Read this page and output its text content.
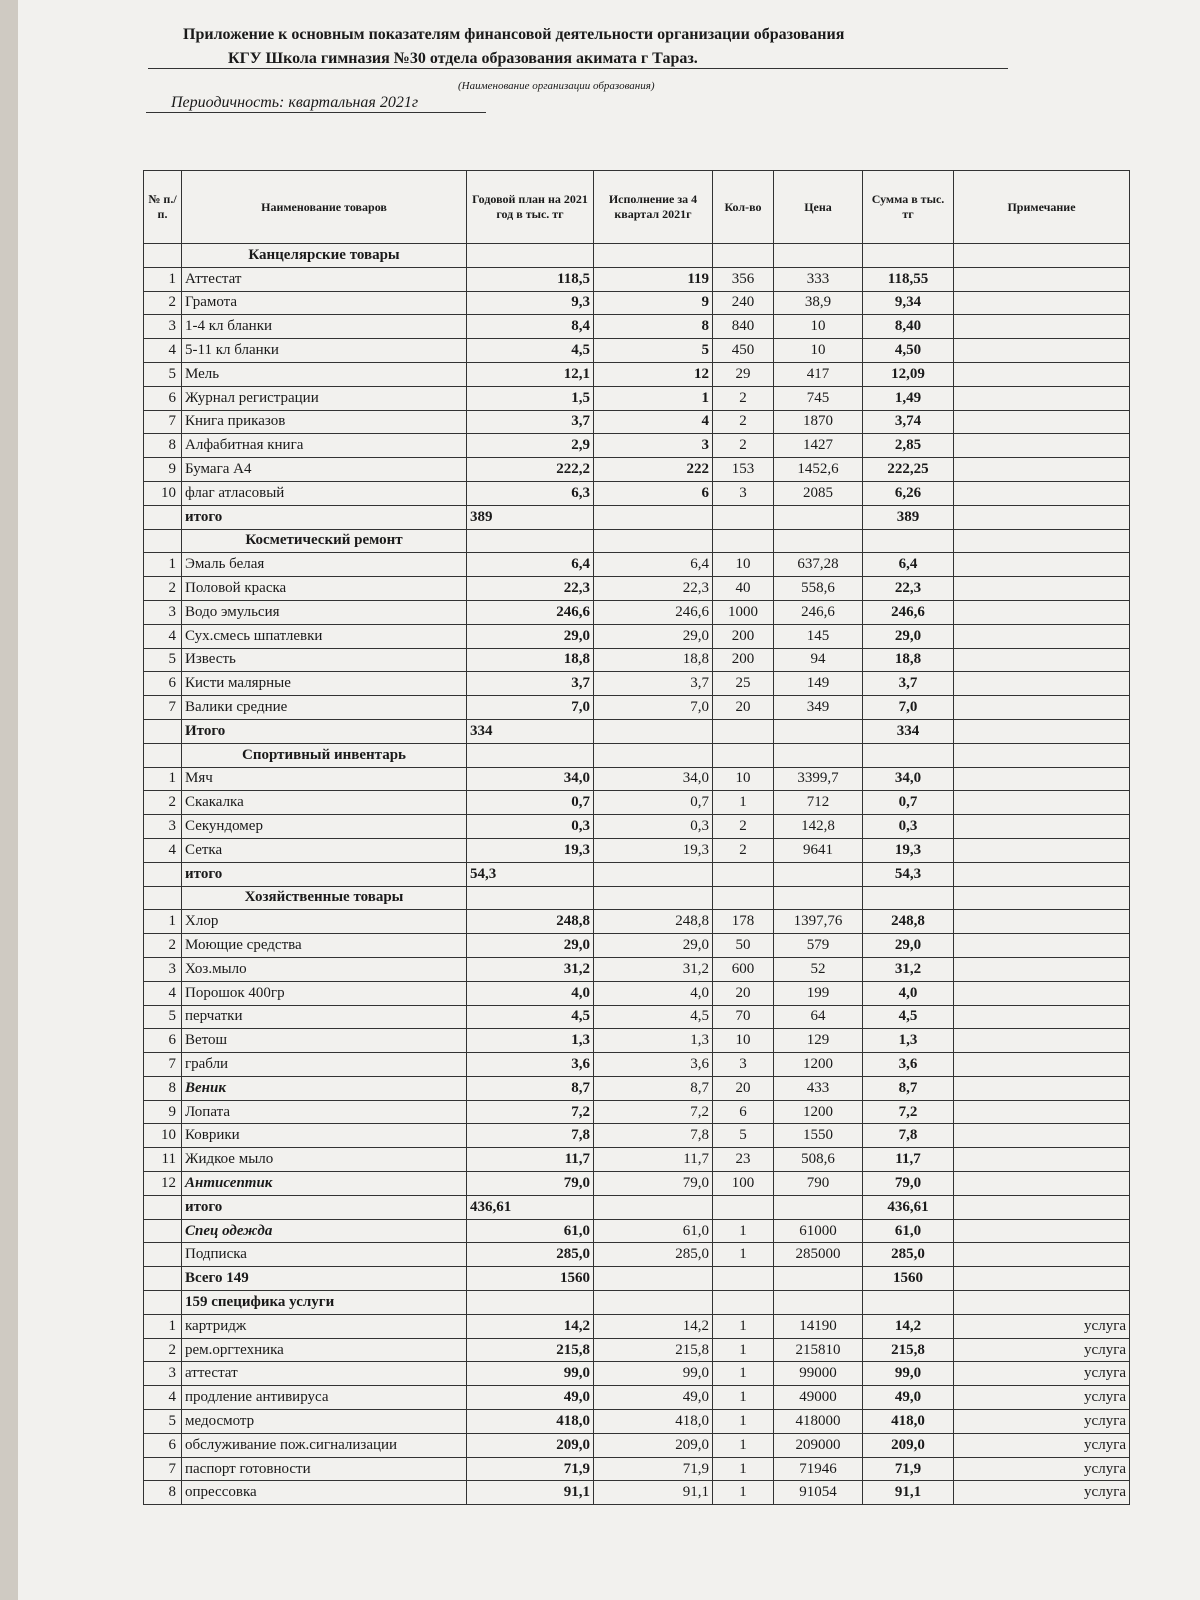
Приложение к основным показателям финансовой деятельности организации образования
КГУ Школа гимназия №30 отдела образования акимата г Тараз.
(Наименование организации образования)
Периодичность: квартальная 2021г
№ п./п.	Наименование товаров	Годовой план на 2021 год в тыс. тг	Исполнение за 4 квартал 2021г	Кол-во	Цена	Сумма в тыс. тг	Примечание
	Канцелярские товары						
1	Аттестат	118,5	119	356	333	118,55	
2	Грамота	9,3	9	240	38,9	9,34	
3	1-4 кл бланки	8,4	8	840	10	8,40	
4	5-11 кл бланки	4,5	5	450	10	4,50	
5	Мель	12,1	12	29	417	12,09	
6	Журнал регистрации	1,5	1	2	745	1,49	
7	Книга приказов	3,7	4	2	1870	3,74	
8	Алфабитная книга	2,9	3	2	1427	2,85	
9	Бумага А4	222,2	222	153	1452,6	222,25	
10	флаг атласовый	6,3	6	3	2085	6,26	
	итого	389				389	
	Косметический ремонт						
1	Эмаль белая	6,4	6,4	10	637,28	6,4	
2	Половой краска	22,3	22,3	40	558,6	22,3	
3	Водо эмульсия	246,6	246,6	1000	246,6	246,6	
4	Сух.смесь шпатлевки	29,0	29,0	200	145	29,0	
5	Известь	18,8	18,8	200	94	18,8	
6	Кисти малярные	3,7	3,7	25	149	3,7	
7	Валики средние	7,0	7,0	20	349	7,0	
	Итого	334				334	
	Спортивный инвентарь						
1	Мяч	34,0	34,0	10	3399,7	34,0	
2	Скакалка	0,7	0,7	1	712	0,7	
3	Секундомер	0,3	0,3	2	142,8	0,3	
4	Сетка	19,3	19,3	2	9641	19,3	
	итого	54,3				54,3	
	Хозяйственные товары						
1	Хлор	248,8	248,8	178	1397,76	248,8	
2	Моющие средства	29,0	29,0	50	579	29,0	
3	Хоз.мыло	31,2	31,2	600	52	31,2	
4	Порошок 400гр	4,0	4,0	20	199	4,0	
5	перчатки	4,5	4,5	70	64	4,5	
6	Ветош	1,3	1,3	10	129	1,3	
7	грабли	3,6	3,6	3	1200	3,6	
8	Веник	8,7	8,7	20	433	8,7	
9	Лопата	7,2	7,2	6	1200	7,2	
10	Коврики	7,8	7,8	5	1550	7,8	
11	Жидкое мыло	11,7	11,7	23	508,6	11,7	
12	Антисептик	79,0	79,0	100	790	79,0	
	итого	436,61				436,61	
	Спец одежда	61,0	61,0	1	61000	61,0	
	Подписка	285,0	285,0	1	285000	285,0	
	Всего 149	1560				1560	
	159 специфика услуги						
1	картридж	14,2	14,2	1	14190	14,2	услуга
2	рем.оргтехника	215,8	215,8	1	215810	215,8	услуга
3	аттестат	99,0	99,0	1	99000	99,0	услуга
4	продление антивируса	49,0	49,0	1	49000	49,0	услуга
5	медосмотр	418,0	418,0	1	418000	418,0	услуга
6	обслуживание пож.сигнализации	209,0	209,0	1	209000	209,0	услуга
7	паспорт готовности	71,9	71,9	1	71946	71,9	услуга
8	опрессовка	91,1	91,1	1	91054	91,1	услуга
